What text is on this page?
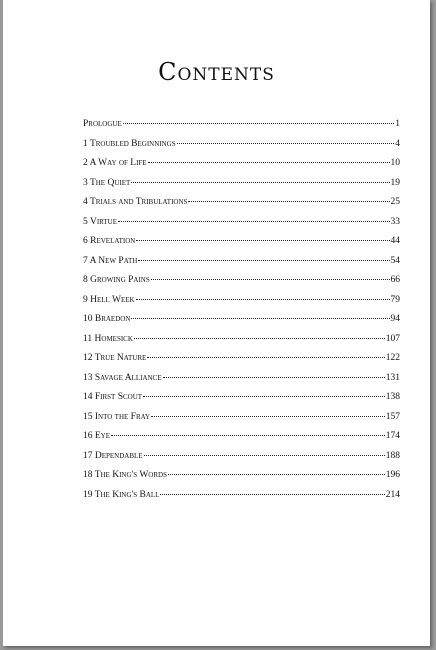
Contents
Prologue	1
1 Troubled Beginnings	4
2 A Way of Life	10
3 The Quiet	19
4 Trials and Tribulations	25
5 Virtue	33
6 Revelation	44
7 A New Path	54
8 Growing Pains	66
9 Hell Week	79
10 Braedon	94
11 Homesick	107
12 True Nature	122
13 Savage Alliance	131
14 First Scout	138
15 Into the Fray	157
16 Eye	174
17 Dependable	188
18 The King's Words	196
19 The King's Ball	214
